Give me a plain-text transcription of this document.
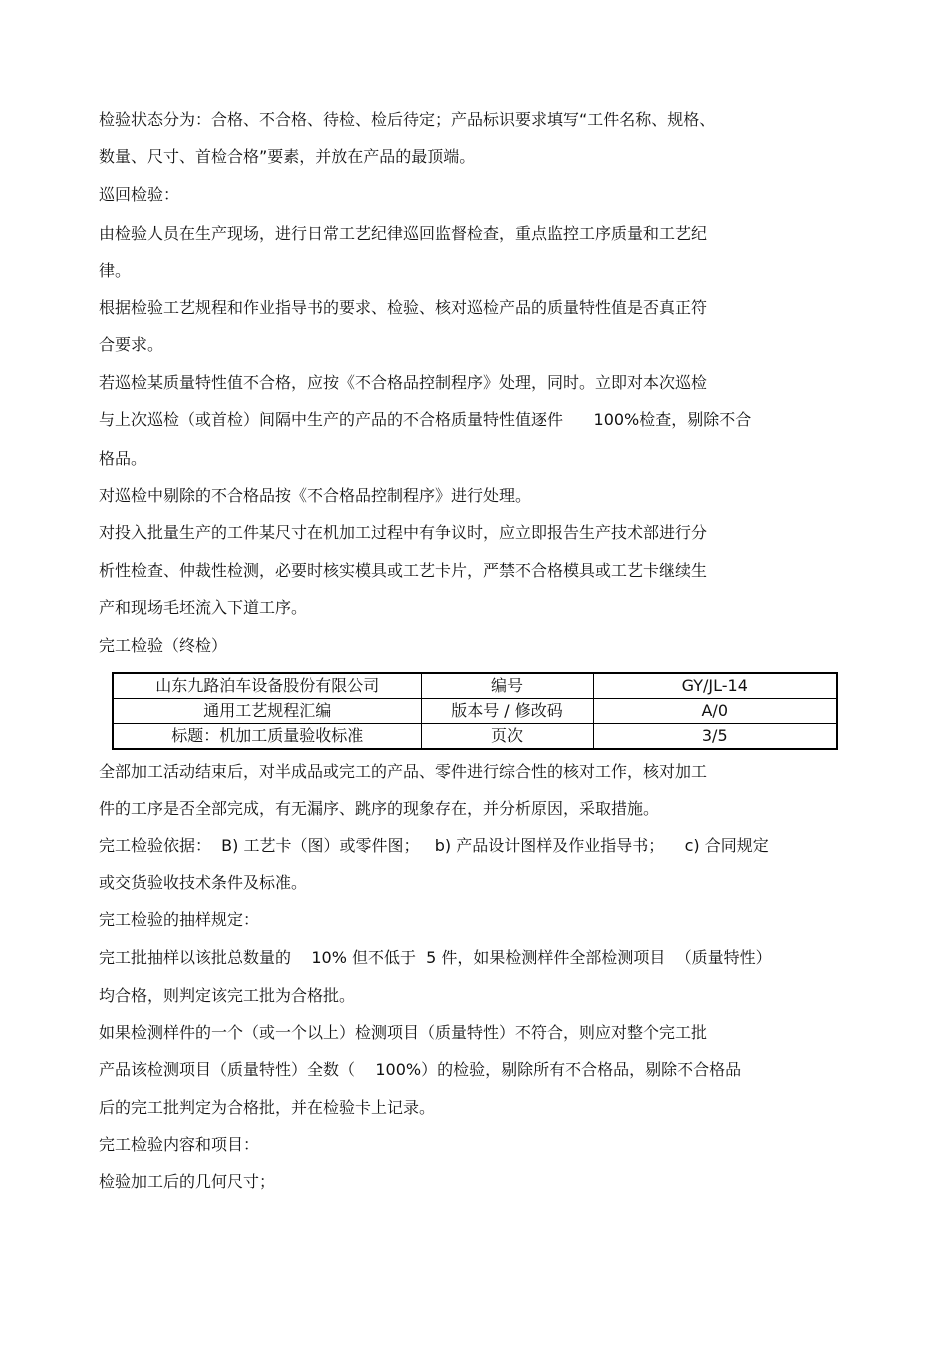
检验状态分为：合格、不合格、待检、检后待定；产品标识要求填写“工件名称、规格、
数量、尺寸、首检合格”要素，并放在产品的最顶端。
巡回检验：
由检验人员在生产现场，进行日常工艺纪律巡回监督检查，重点监控工序质量和工艺纪
律。
根据检验工艺规程和作业指导书的要求、检验、核对巡检产品的质量特性值是否真正符
合要求。
若巡检某质量特性值不合格，应按《不合格品控制程序》处理，同时。立即对本次巡检
与上次巡检（或首检）间隔中生产的产品的不合格质量特性值逐件      100%检查，剔除不合
格品。
对巡检中剔除的不合格品按《不合格品控制程序》进行处理。
对投入批量生产的工件某尺寸在机加工过程中有争议时，应立即报告生产技术部进行分
析性检查、仲裁性检测，必要时核实模具或工艺卡片，严禁不合格模具或工艺卡继续生
产和现场毛坯流入下道工序。
完工检验（终检）
山东九路泊车设备股份有限公司	编号	GY/JL-14
通用工艺规程汇编	版本号 / 修改码	A/0
标题：机加工质量验收标准	页次	3/5
全部加工活动结束后，对半成品或完工的产品、零件进行综合性的核对工作，核对加工
件的工序是否全部完成，有无漏序、跳序的现象存在，并分析原因，采取措施。
完工检验依据：  B) 工艺卡（图）或零件图；   b) 产品设计图样及作业指导书；    c) 合同规定
或交货验收技术条件及标准。
完工检验的抽样规定：
完工批抽样以该批总数量的    10% 但不低于  5 件，如果检测样件全部检测项目  （质量特性）
均合格，则判定该完工批为合格批。
如果检测样件的一个（或一个以上）检测项目（质量特性）不符合，则应对整个完工批
产品该检测项目（质量特性）全数（    100%）的检验，剔除所有不合格品，剔除不合格品
后的完工批判定为合格批，并在检验卡上记录。
完工检验内容和项目：
检验加工后的几何尺寸；
